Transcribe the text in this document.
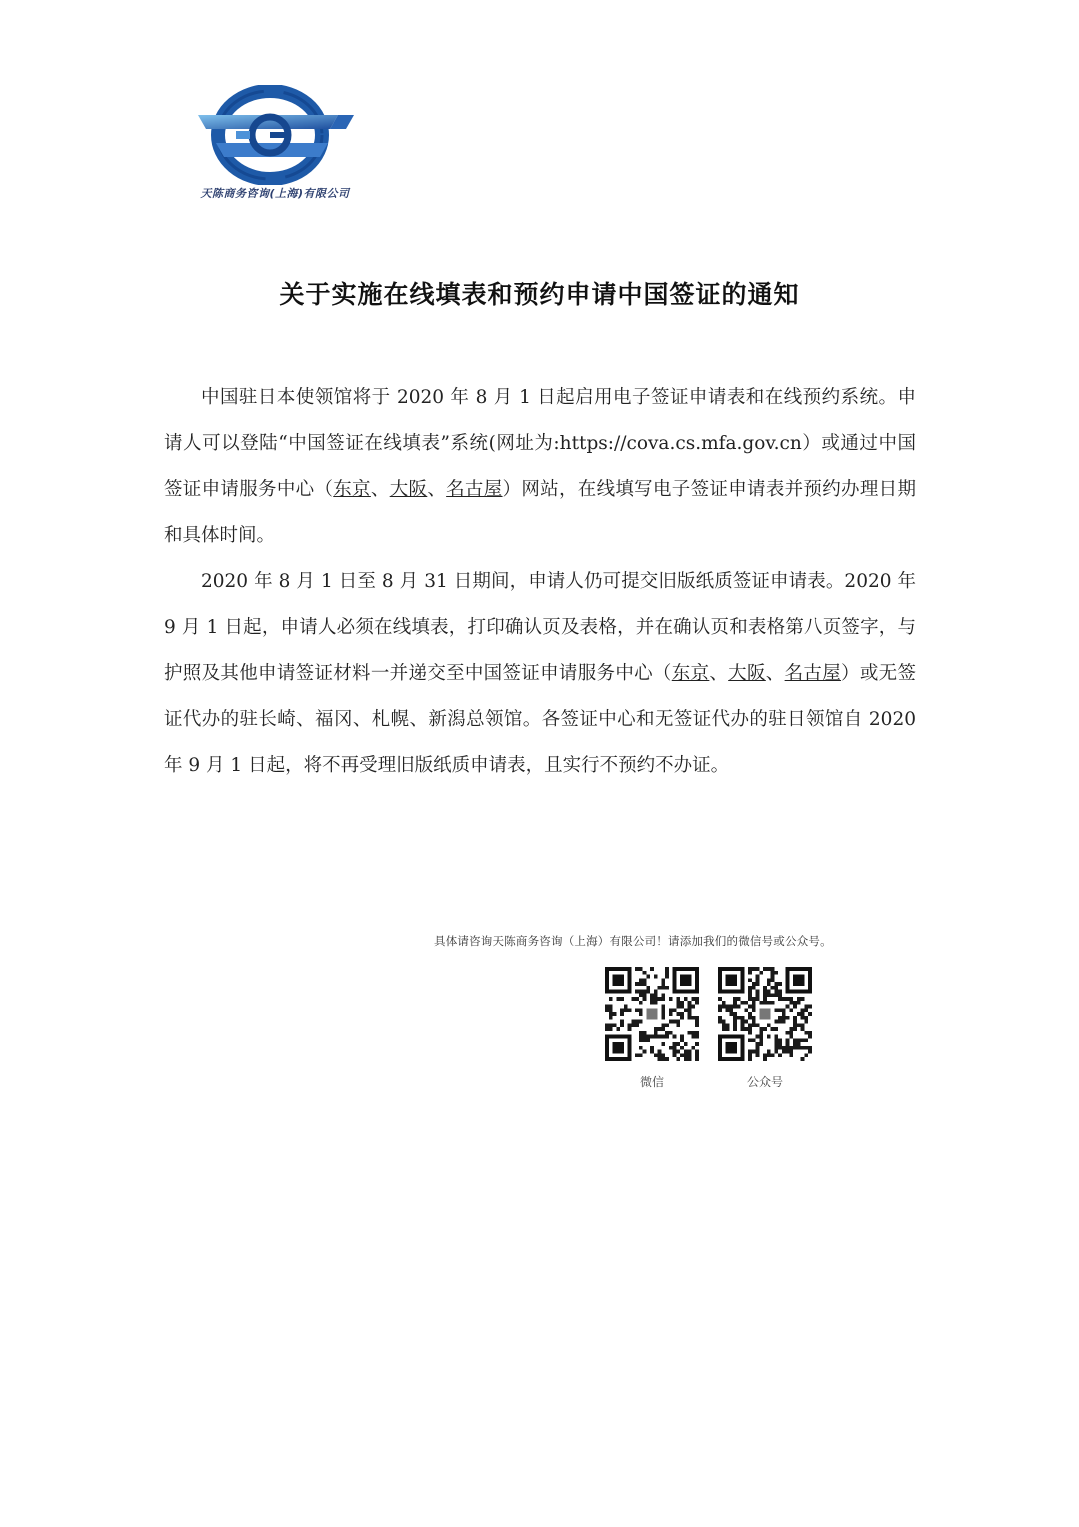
天陈商务咨询(上海)有限公司
关于实施在线填表和预约申请中国签证的通知

中国驻日本使领馆将于 2020 年 8 月 1 日起启用电子签证申请表和在线预约系统。申请人可以登陆“中国签证在线填表”系统(网址为:https://cova.cs.mfa.gov.cn）或通过中国签证申请服务中心（东京、大阪、名古屋）网站，在线填写电子签证申请表并预约办理日期和具体时间。

2020 年 8 月 1 日至 8 月 31 日期间，申请人仍可提交旧版纸质签证申请表。2020 年 9 月 1 日起，申请人必须在线填表，打印确认页及表格，并在确认页和表格第八页签字，与护照及其他申请签证材料一并递交至中国签证申请服务中心（东京、大阪、名古屋）或无签证代办的驻长崎、福冈、札幌、新潟总领馆。各签证中心和无签证代办的驻日领馆自 2020 年 9 月 1 日起，将不再受理旧版纸质申请表，且实行不预约不办证。

具体请咨询天陈商务咨询（上海）有限公司！请添加我们的微信号或公众号。
微信	公众号
